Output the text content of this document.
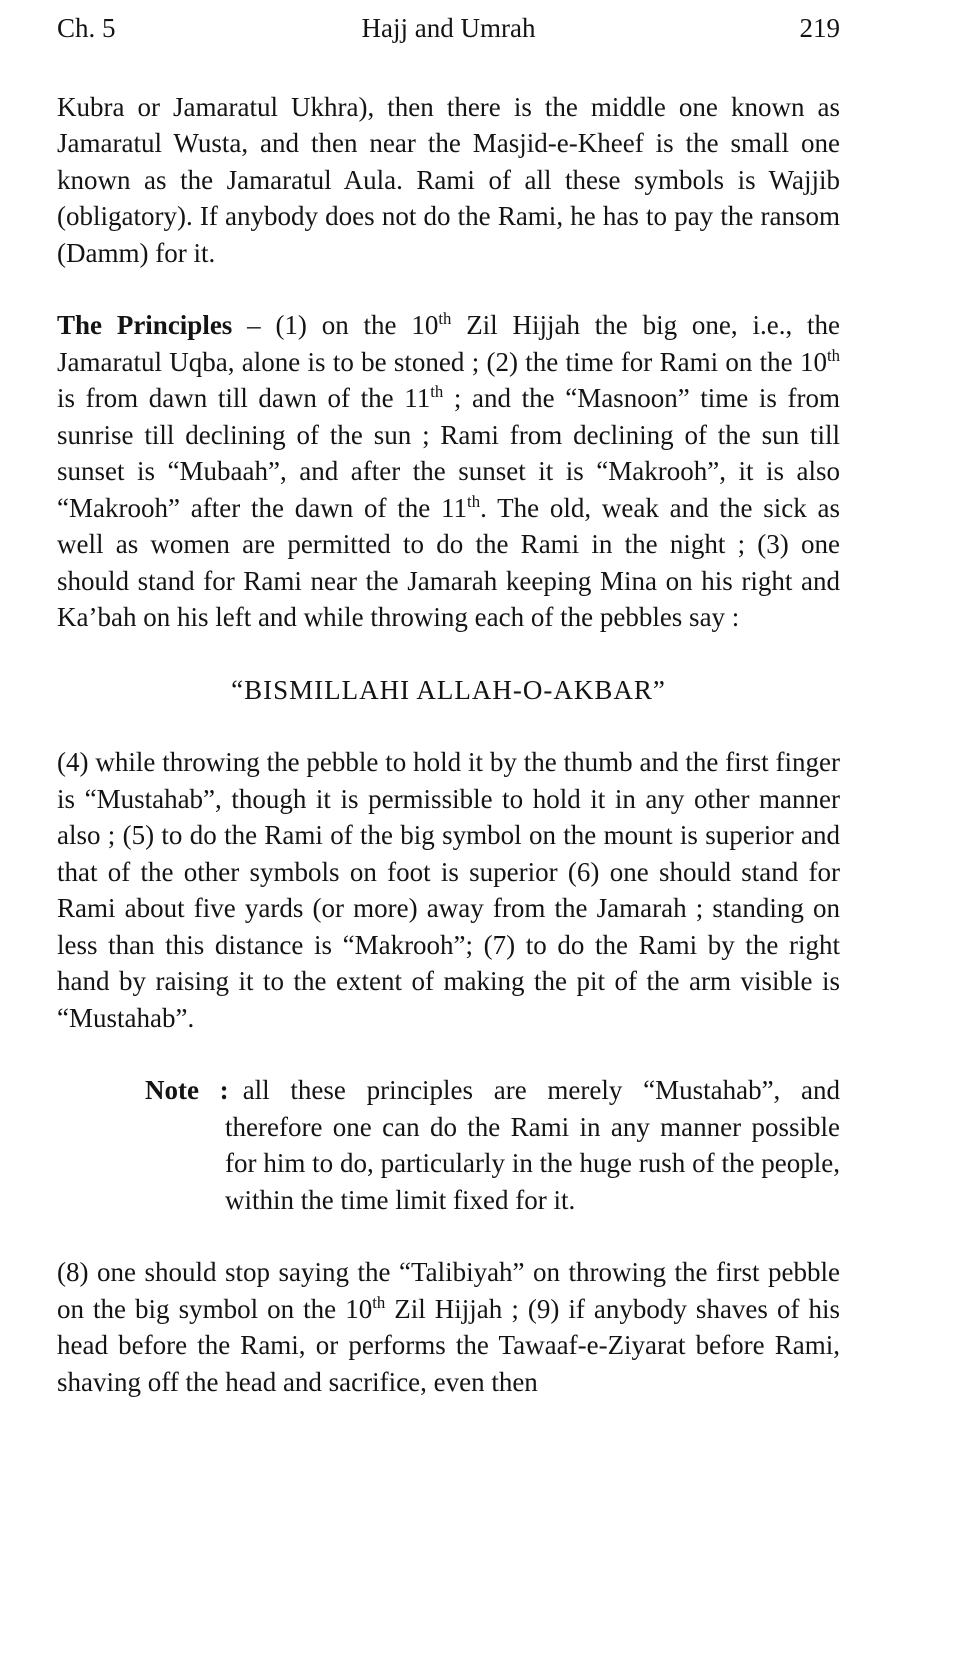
Ch. 5	Hajj and Umrah	219

Kubra or Jamaratul Ukhra), then there is the middle one known as Jamaratul Wusta, and then near the Masjid-e-Kheef is the small one known as the Jamaratul Aula. Rami of all these symbols is Wajjib (obligatory). If anybody does not do the Rami, he has to pay the ransom (Damm) for it.

The Principles – (1) on the 10th Zil Hijjah the big one, i.e., the Jamaratul Uqba, alone is to be stoned ; (2) the time for Rami on the 10th is from dawn till dawn of the 11th ; and the “Masnoon” time is from sunrise till declining of the sun ; Rami from declining of the sun till sunset is “Mubaah”, and after the sunset it is “Makrooh”, it is also “Makrooh” after the dawn of the 11th. The old, weak and the sick as well as women are permitted to do the Rami in the night ; (3) one should stand for Rami near the Jamarah keeping Mina on his right and Ka’bah on his left and while throwing each of the pebbles say :

“BISMILLAHI ALLAH-O-AKBAR”

(4) while throwing the pebble to hold it by the thumb and the first finger is “Mustahab”, though it is permissible to hold it in any other manner also ; (5) to do the Rami of the big symbol on the mount is superior and that of the other symbols on foot is superior (6) one should stand for Rami about five yards (or more) away from the Jamarah ; standing on less than this distance is “Makrooh”; (7) to do the Rami by the right hand by raising it to the extent of making the pit of the arm visible is “Mustahab”.

Note : all these principles are merely “Mustahab”, and therefore one can do the Rami in any manner possible for him to do, particularly in the huge rush of the people, within the time limit fixed for it.

(8) one should stop saying the “Talibiyah” on throwing the first pebble on the big symbol on the 10th Zil Hijjah ; (9) if anybody shaves of his head before the Rami, or performs the Tawaaf-e-Ziyarat before Rami, shaving off the head and sacrifice, even then
